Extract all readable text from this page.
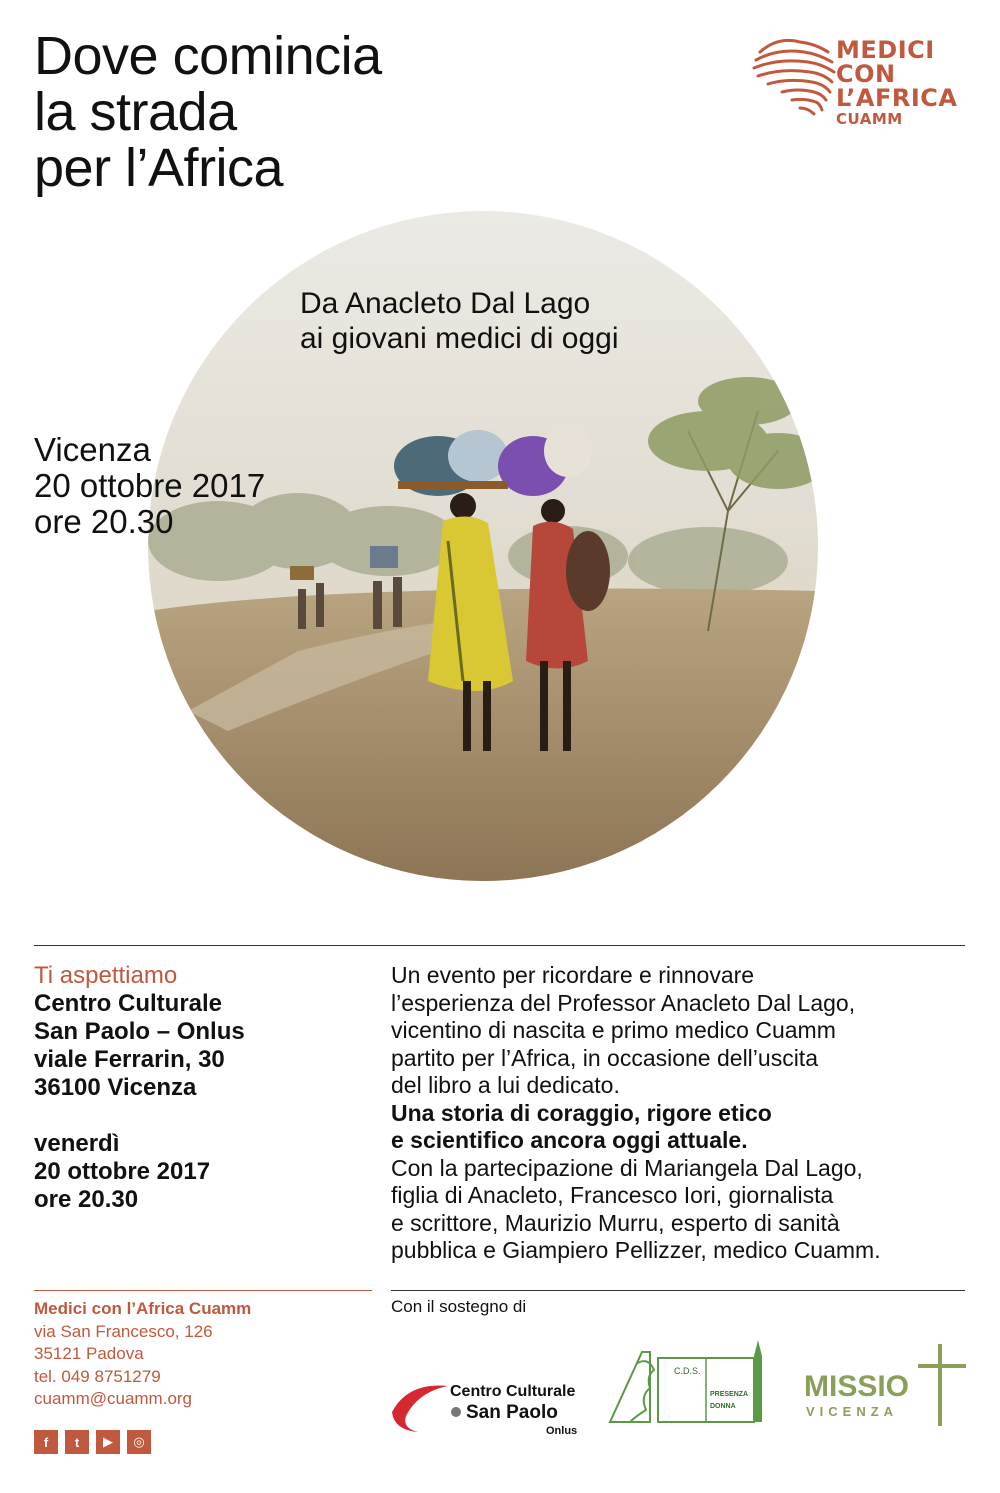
Dove comincia
la strada
per l’Africa
MEDICI
CON L’AFRICA
CUAMM
Da Anacleto Dal Lago
ai giovani medici di oggi
Vicenza
20 ottobre 2017
ore 20.30
Ti aspettiamo
Centro Culturale
San Paolo – Onlus
viale Ferrarin, 30
36100 Vicenza
venerdì
20 ottobre 2017
ore 20.30
Un evento per ricordare e rinnovare
l’esperienza del Professor Anacleto Dal Lago,
vicentino di nascita e primo medico Cuamm
partito per l’Africa, in occasione dell’uscita
del libro a lui dedicato.
Una storia di coraggio, rigore etico
e scientifico ancora oggi attuale.
Con la partecipazione di Mariangela Dal Lago,
figlia di Anacleto, Francesco Iori, giornalista
e scrittore, Maurizio Murru, esperto di sanità
pubblica e Giampiero Pellizzer, medico Cuamm.
Medici con l’Africa Cuamm
via San Francesco, 126
35121 Padova
tel. 049 8751279
cuamm@cuamm.org
f	t	▶	◎
Con il sostegno di
Centro Culturale
San Paolo
Onlus
C.D.S.
PRESENZA
DONNA
MISSIO
VICENZA
